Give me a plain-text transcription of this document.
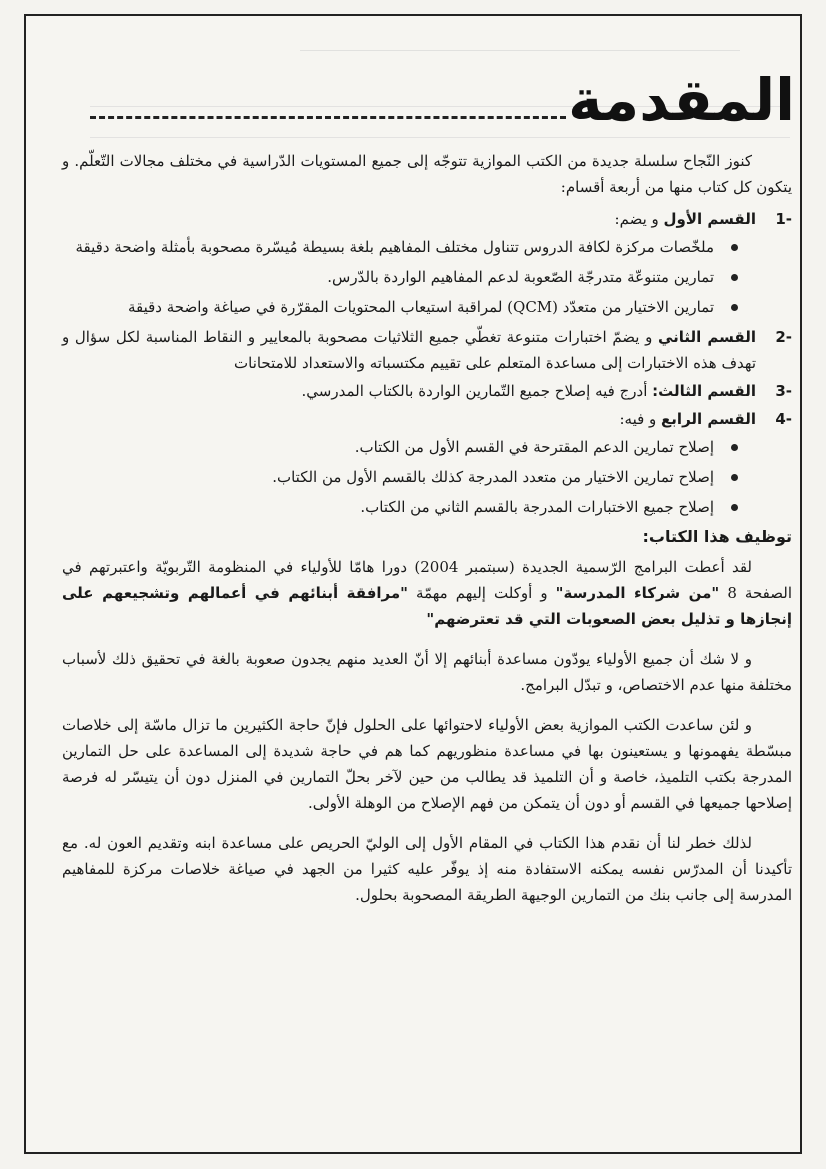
المقدمة

كنوز النّجاح سلسلة جديدة من الكتب الموازية تتوجّه إلى جميع المستويات الدّراسية في مختلف مجالات التّعلّم. و يتكون كل كتاب منها من أربعة أقسام:

-1
القسم الأول و يضم:
ملخّصات مركزة لكافة الدروس تتناول مختلف المفاهيم بلغة بسيطة مُيسّرة مصحوبة بأمثلة واضحة دقيقة
تمارين متنوعّة متدرجّة الصّعوبة لدعم المفاهيم الواردة بالدّرس.
تمارين الاختيار من متعدّد (QCM) لمراقبة استيعاب المحتويات المقرّرة في صياغة واضحة دقيقة
-2
القسم الثاني و يضمّ اختبارات متنوعة تغطّي جميع الثلاثيات مصحوبة بالمعايير و النقاط المناسبة لكل سؤال و تهدف هذه الاختبارات إلى مساعدة المتعلم على تقييم مكتسباته والاستعداد للامتحانات
-3
القسم الثالث: أدرج فيه إصلاح جميع التّمارين الواردة بالكتاب المدرسي.
-4
القسم الرابع و فيه:
إصلاح تمارين الدعم المقترحة في القسم الأول من الكتاب.
إصلاح تمارين الاختيار من متعدد المدرجة كذلك بالقسم الأول من الكتاب.
إصلاح جميع الاختبارات المدرجة بالقسم الثاني من الكتاب.
توظيف هذا الكتاب:

لقد أعطت البرامج الرّسمية الجديدة (سبتمبر 2004) دورا هامّا للأولياء في المنظومة التّربويّة واعتبرتهم في الصفحة 8 "من شركاء المدرسة" و أوكلت إليهم مهمّة "مرافقة أبنائهم في أعمالهم وتشجيعهم على إنجازها و تذليل بعض الصعوبات التي قد تعترضهم"

و لا شك أن جميع الأولياء يودّون مساعدة أبنائهم إلا أنّ العديد منهم يجدون صعوبة بالغة في تحقيق ذلك لأسباب مختلفة منها عدم الاختصاص، و تبدّل البرامج.

و لئن ساعدت الكتب الموازية بعض الأولياء لاحتوائها على الحلول فإنّ حاجة الكثيرين ما تزال ماسّة إلى خلاصات مبسّطة يفهمونها و يستعينون بها في مساعدة منظوريهم كما هم في حاجة شديدة إلى المساعدة على حل التمارين المدرجة بكتب التلميذ، خاصة و أن التلميذ قد يطالب من حين لآخر بحلّ التمارين في المنزل دون أن يتيسّر له فرصة إصلاحها جميعها في القسم أو دون أن يتمكن من فهم الإصلاح من الوهلة الأولى.

لذلك خطر لنا أن نقدم هذا الكتاب في المقام الأول إلى الوليّ الحريص على مساعدة ابنه وتقديم العون له. مع تأكيدنا أن المدرّس نفسه يمكنه الاستفادة منه إذ يوفّر عليه كثيرا من الجهد في صياغة خلاصات مركزة للمفاهيم المدرسة إلى جانب بنك من التمارين الوجيهة الطريقة المصحوبة بحلول.
